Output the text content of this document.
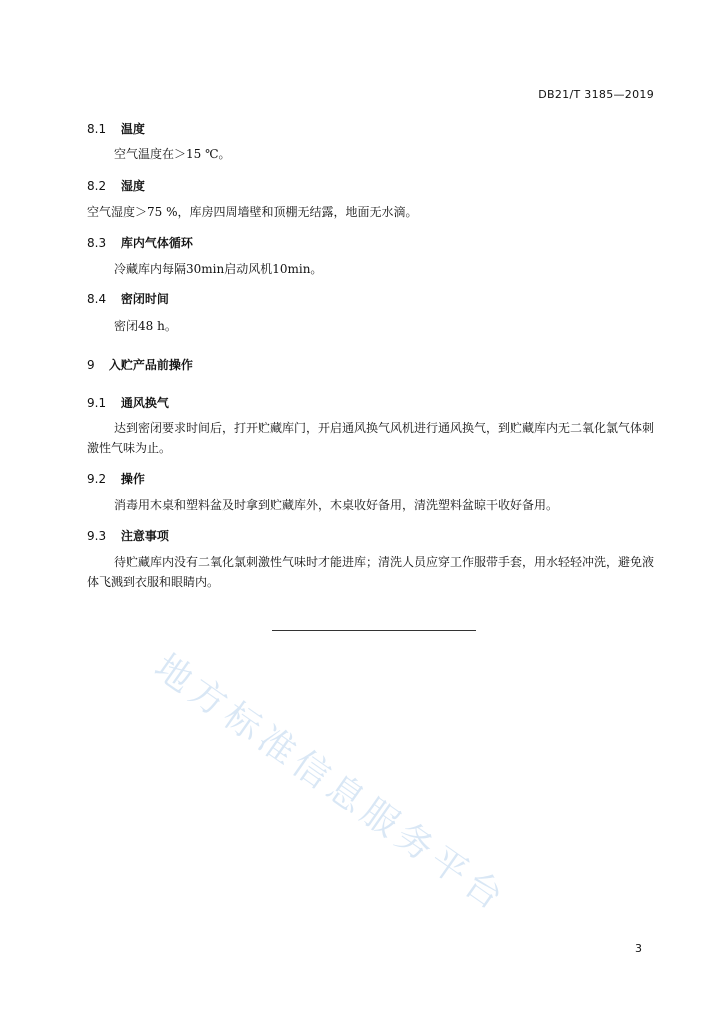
DB21/T 3185—2019
8.1 温度
空气温度在＞15 ℃。
8.2 湿度
空气湿度＞75 %，库房四周墙壁和顶棚无结露，地面无水滴。
8.3 库内气体循环
冷藏库内每隔30min启动风机10min。
8.4 密闭时间
密闭48 h。
9 入贮产品前操作
9.1 通风换气
达到密闭要求时间后，打开贮藏库门，开启通风换气风机进行通风换气，到贮藏库内无二氧化氯气体刺激性气味为止。
9.2 操作
消毒用木桌和塑料盆及时拿到贮藏库外，木桌收好备用，清洗塑料盆晾干收好备用。
9.3 注意事项
待贮藏库内没有二氧化氯刺激性气味时才能进库；清洗人员应穿工作服带手套，用水轻轻冲洗，避免液体飞溅到衣服和眼睛内。
地方标准信息服务平台
3
